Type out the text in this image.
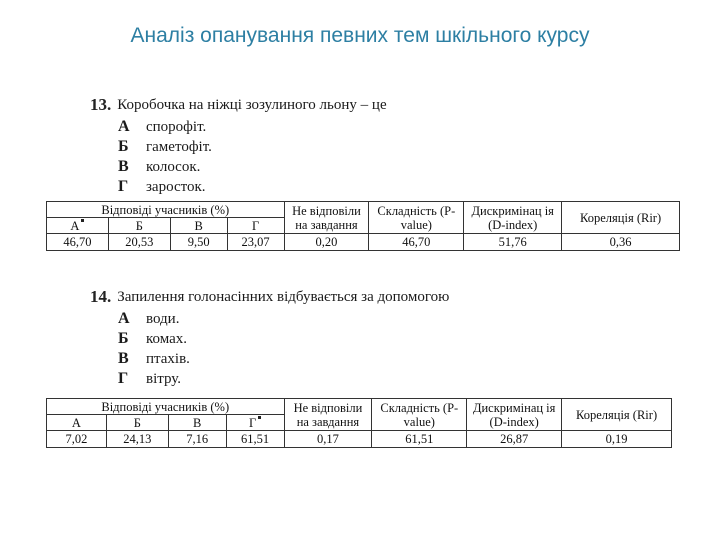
Аналіз опанування певних тем шкільного курсу
13. Коробочка на ніжці зозулиного льону – це
А	спорофіт.
Б	гаметофіт.
В	колосок.
Г	заросток.
Відповіді учасників (%)				Не відповіли на завдання	Складність (P-value)	Дискримінац ія (D-index)	Кореляція (Rir)
А	Б	В	Г				
46,70	20,53	9,50	23,07	0,20	46,70	51,76	0,36
14. Запилення голонасінних відбувається за допомогою
А	води.
Б	комах.
В	птахів.
Г	вітру.
Відповіді учасників (%)				Не відповіли на завдання	Складність (P-value)	Дискримінац ія (D-index)	Кореляція (Rir)
А	Б	В	Г				
7,02	24,13	7,16	61,51	0,17	61,51	26,87	0,19
